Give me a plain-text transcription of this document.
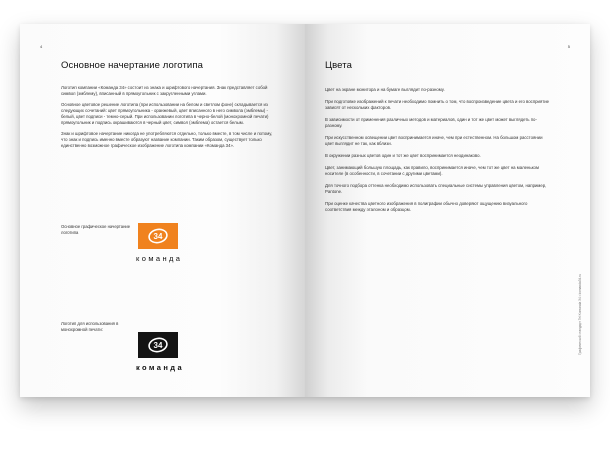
4
Основное начертание логотипа

Логотип компании «Команда 34» состоит из знака и шрифтового начертания. Знак представляет собой символ (эмблему), вписанный в прямоугольник с закругленными углами.

Основное цветовое решение логотипа (при использовании на белом и светлом фоне) складывается из следующих сочетаний: цвет прямоугольника - оранжевый, цвет вписанного в него символа (эмблемы) - белый, цвет подписи - темно-серый. При использовании логотипа в черно-белой (монохромной печати) прямоугольник и подпись окрашиваются в черный цвет, символ (эмблема) остается белым.

Знак и шрифтовое начертание никогда не употребляются отдельно, только вместе, в том числе и потому, что знак и подпись именно вместе образуют название компании. Таким образом, существует только единственно возможное графическое изображение логотипа компании «Команда 34».

Основное графическое начертание логотипа	34
команда
Логотип для использования в монохромной печати:
34
команда
5
Цвета

Цвет на экране монитора и на бумаге выглядит по-разному.

При подготовке изображений к печати необходимо помнить о том, что воспроизведение цвета и его восприятие зависят от нескольких факторов.

В зависимости от применения различных методов и материалов, один и тот же цвет может выглядеть по-разному.

При искусственном освещении цвет воспринимается иначе, чем при естественном. На большом расстоянии цвет выглядит не так, как вблизи.

В окружении разных цветов один и тот же цвет воспринимается неодинаково.

Цвет, занимающий большую площадь, как правило, воспринимается иначе, чем тот же цвет на маленьком носителе (в особенности, в сочетании с другими цветами).

Для точного подбора оттенка необходимо использовать специальные системы управления цветом, например, Pantone.

При оценке качества цветного изображения в полиграфии обычно доверяют ощущению визуального соответствия между эталоном и образцом.

Графический стандарт Tel Komanda 34 • komanda34.ru
